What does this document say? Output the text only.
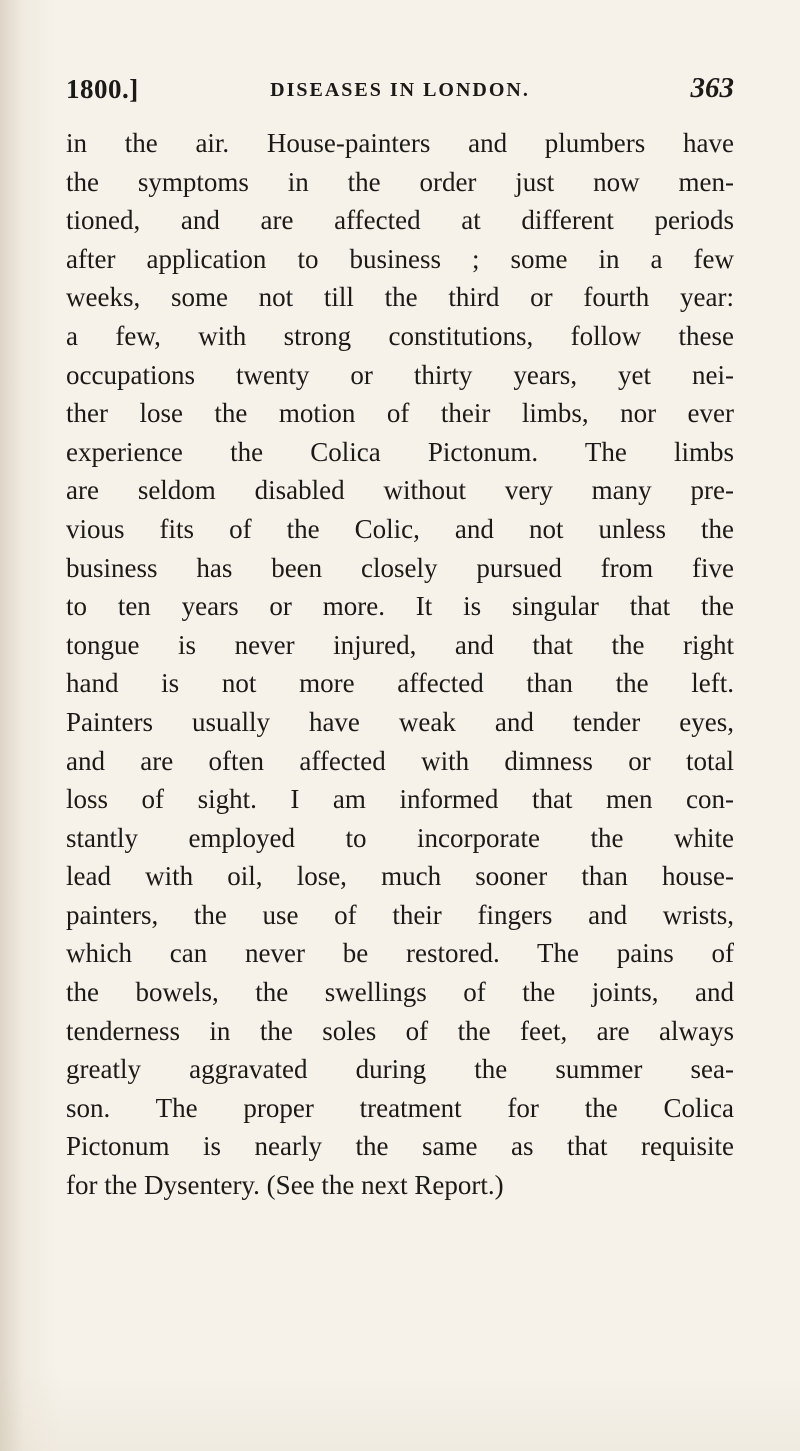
1800.]	DISEASES IN LONDON.	363
in the air. House-painters and plumbers have
the symptoms in the order just now men-
tioned, and are affected at different periods
after application to business ; some in a few
weeks, some not till the third or fourth year:
a few, with strong constitutions, follow these
occupations twenty or thirty years, yet nei-
ther lose the motion of their limbs, nor ever
experience the Colica Pictonum. The limbs
are seldom disabled without very many pre-
vious fits of the Colic, and not unless the
business has been closely pursued from five
to ten years or more. It is singular that the
tongue is never injured, and that the right
hand is not more affected than the left.
Painters usually have weak and tender eyes,
and are often affected with dimness or total
loss of sight. I am informed that men con-
stantly employed to incorporate the white
lead with oil, lose, much sooner than house-
painters, the use of their fingers and wrists,
which can never be restored. The pains of
the bowels, the swellings of the joints, and
tenderness in the soles of the feet, are always
greatly aggravated during the summer sea-
son. The proper treatment for the Colica
Pictonum is nearly the same as that requisite
for the Dysentery. (See the next Report.)
